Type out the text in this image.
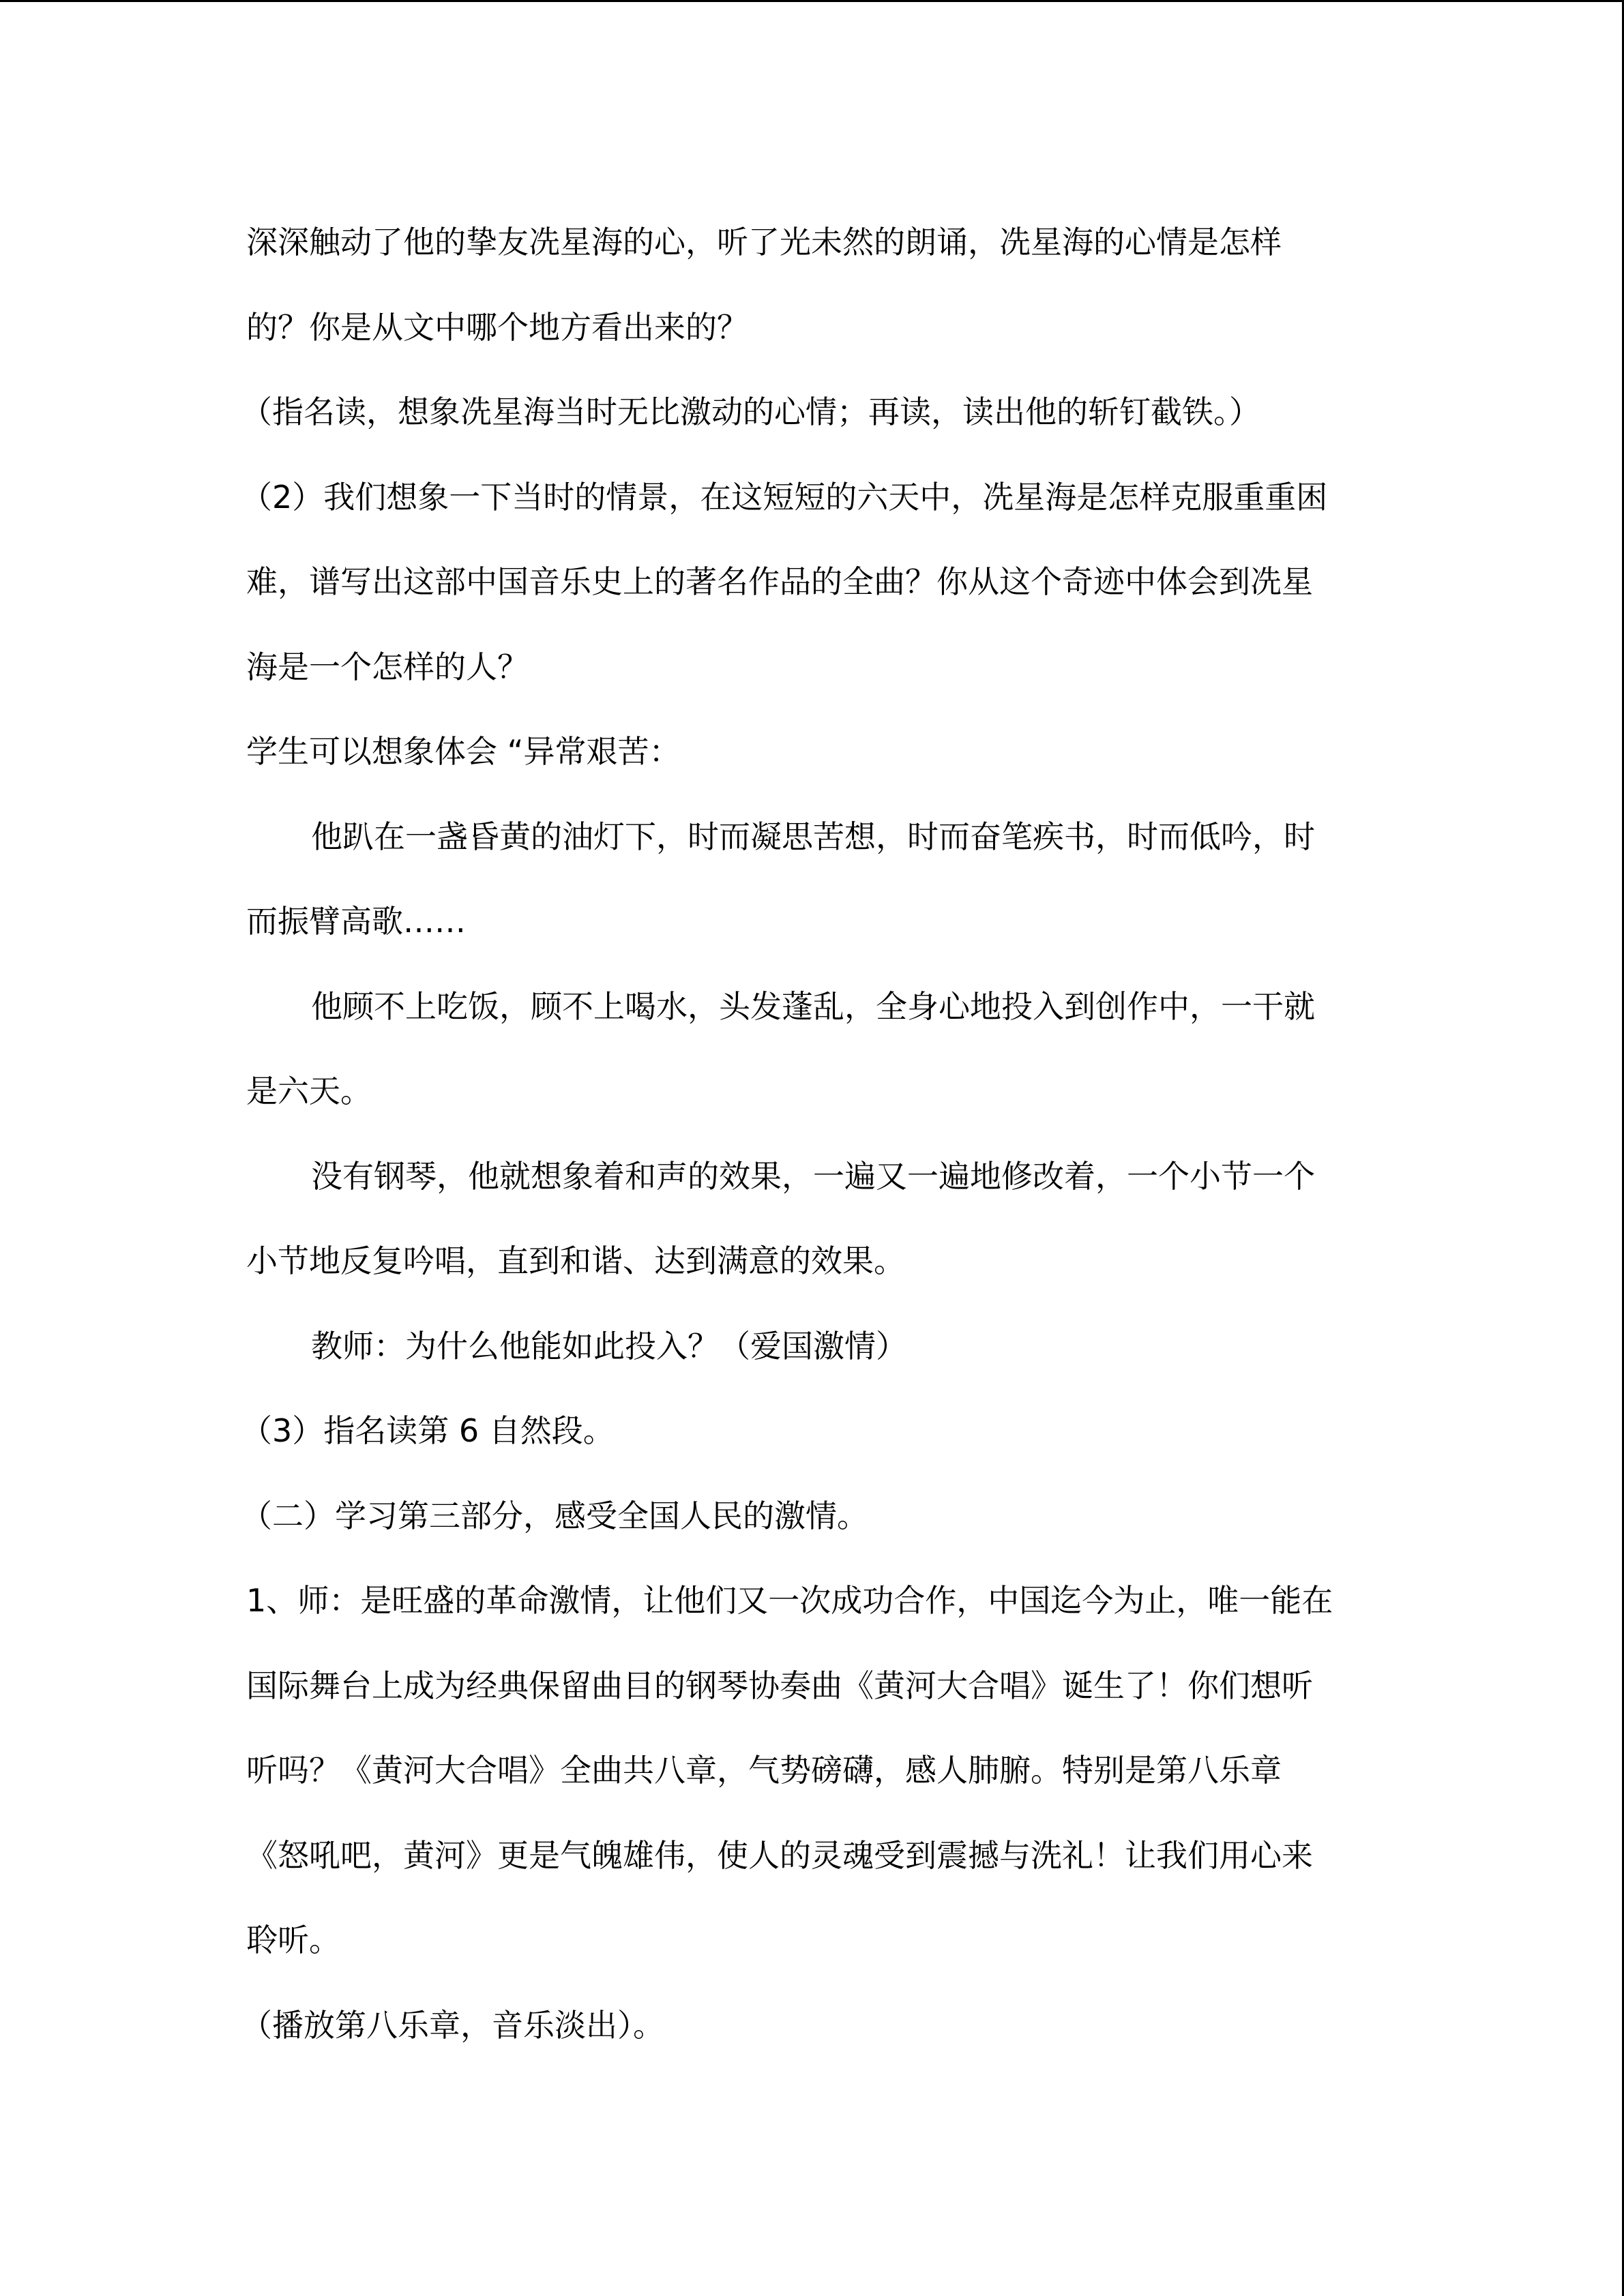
深深触动了他的挚友冼星海的心，听了光未然的朗诵，冼星海的心情是怎样
的？你是从文中哪个地方看出来的？
（指名读，想象冼星海当时无比激动的心情；再读，读出他的斩钉截铁。）
（2）我们想象一下当时的情景，在这短短的六天中，冼星海是怎样克服重重困
难，谱写出这部中国音乐史上的著名作品的全曲？你从这个奇迹中体会到冼星
海是一个怎样的人？
学生可以想象体会 “异常艰苦：
他趴在一盏昏黄的油灯下，时而凝思苦想，时而奋笔疾书，时而低吟，时
而振臂高歌……
他顾不上吃饭，顾不上喝水，头发蓬乱，全身心地投入到创作中，一干就
是六天。
没有钢琴，他就想象着和声的效果，一遍又一遍地修改着，一个小节一个
小节地反复吟唱，直到和谐、达到满意的效果。
教师：为什么他能如此投入？（爱国激情）
（3）指名读第 6 自然段。
（二）学习第三部分，感受全国人民的激情。
1、师：是旺盛的革命激情，让他们又一次成功合作，中国迄今为止，唯一能在
国际舞台上成为经典保留曲目的钢琴协奏曲《黄河大合唱》诞生了！你们想听
听吗？《黄河大合唱》全曲共八章，气势磅礴，感人肺腑。特别是第八乐章
《怒吼吧，黄河》更是气魄雄伟，使人的灵魂受到震撼与洗礼！让我们用心来
聆听。
（播放第八乐章，音乐淡出）。
